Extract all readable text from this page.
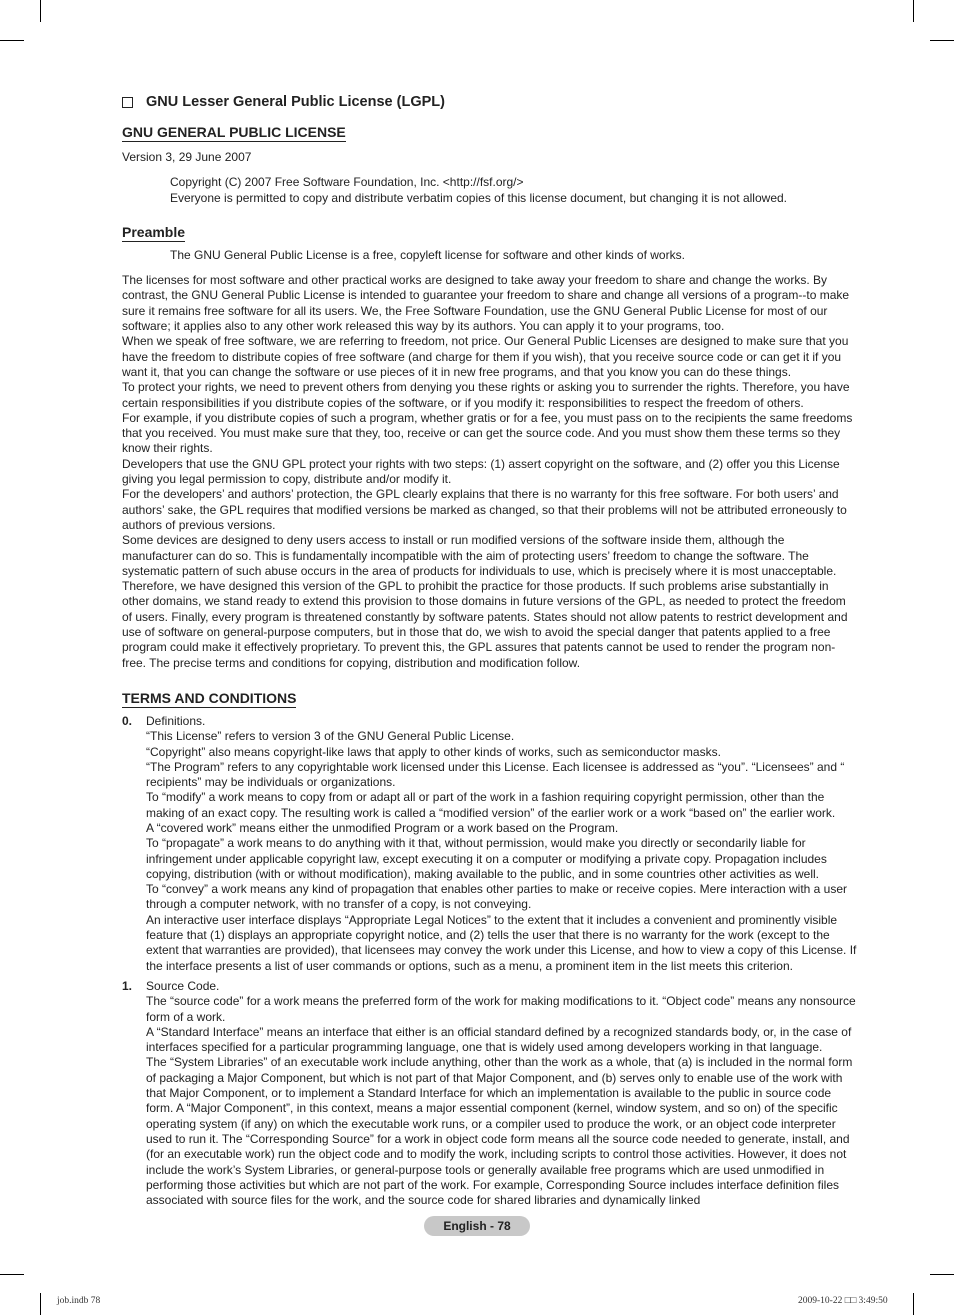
GNU Lesser General Public License (LGPL)
GNU GENERAL PUBLIC LICENSE
Version 3, 29 June 2007
Copyright (C) 2007 Free Software Foundation, Inc. <http://fsf.org/>
Everyone is permitted to copy and distribute verbatim copies of this license document, but changing it is not allowed.
Preamble
The GNU General Public License is a free, copyleft license for software and other kinds of works.

The licenses for most software and other practical works are designed to take away your freedom to share and change the works. By contrast, the GNU General Public License is intended to guarantee your freedom to share and change all versions of a program--to make sure it remains free software for all its users. We, the Free Software Foundation, use the GNU General Public License for most of our software; it applies also to any other work released this way by its authors. You can apply it to your programs, too.

When we speak of free software, we are referring to freedom, not price. Our General Public Licenses are designed to make sure that you have the freedom to distribute copies of free software (and charge for them if you wish), that you receive source code or can get it if you want it, that you can change the software or use pieces of it in new free programs, and that you know you can do these things.

To protect your rights, we need to prevent others from denying you these rights or asking you to surrender the rights. Therefore, you have certain responsibilities if you distribute copies of the software, or if you modify it: responsibilities to respect the freedom of others.

For example, if you distribute copies of such a program, whether gratis or for a fee, you must pass on to the recipients the same freedoms that you received. You must make sure that they, too, receive or can get the source code. And you must show them these terms so they know their rights.

Developers that use the GNU GPL protect your rights with two steps: (1) assert copyright on the software, and (2) offer you this License giving you legal permission to copy, distribute and/or modify it.

For the developers’ and authors’ protection, the GPL clearly explains that there is no warranty for this free software. For both users’ and authors’ sake, the GPL requires that modified versions be marked as changed, so that their problems will not be attributed erroneously to authors of previous versions.

Some devices are designed to deny users access to install or run modified versions of the software inside them, although the manufacturer can do so. This is fundamentally incompatible with the aim of protecting users’ freedom to change the software. The systematic pattern of such abuse occurs in the area of products for individuals to use, which is precisely where it is most unacceptable. Therefore, we have designed this version of the GPL to prohibit the practice for those products. If such problems arise substantially in other domains, we stand ready to extend this provision to those domains in future versions of the GPL, as needed to protect the freedom of users. Finally, every program is threatened constantly by software patents. States should not allow patents to restrict development and use of software on general-purpose computers, but in those that do, we wish to avoid the special danger that patents applied to a free program could make it effectively proprietary. To prevent this, the GPL assures that patents cannot be used to render the program non-free. The precise terms and conditions for copying, distribution and modification follow.

TERMS AND CONDITIONS
0.	Definitions.

“This License” refers to version 3 of the GNU General Public License.

“Copyright” also means copyright-like laws that apply to other kinds of works, such as semiconductor masks.

“The Program” refers to any copyrightable work licensed under this License. Each licensee is addressed as “you”. “Licensees” and “ recipients” may be individuals or organizations.

To “modify” a work means to copy from or adapt all or part of the work in a fashion requiring copyright permission, other than the making of an exact copy. The resulting work is called a “modified version” of the earlier work or a work “based on” the earlier work.

A “covered work” means either the unmodified Program or a work based on the Program.

To “propagate” a work means to do anything with it that, without permission, would make you directly or secondarily liable for infringement under applicable copyright law, except executing it on a computer or modifying a private copy. Propagation includes copying, distribution (with or without modification), making available to the public, and in some countries other activities as well.

To “convey” a work means any kind of propagation that enables other parties to make or receive copies. Mere interaction with a user through a computer network, with no transfer of a copy, is not conveying.

An interactive user interface displays “Appropriate Legal Notices” to the extent that it includes a convenient and prominently visible feature that (1) displays an appropriate copyright notice, and (2) tells the user that there is no warranty for the work (except to the extent that warranties are provided), that licensees may convey the work under this License, and how to view a copy of this License. If the interface presents a list of user commands or options, such as a menu, a prominent item in the list meets this criterion.

1.	Source Code.

The “source code” for a work means the preferred form of the work for making modifications to it. “Object code” means any nonsource form of a work.

A “Standard Interface” means an interface that either is an official standard defined by a recognized standards body, or, in the case of interfaces specified for a particular programming language, one that is widely used among developers working in that language.

The “System Libraries” of an executable work include anything, other than the work as a whole, that (a) is included in the normal form of packaging a Major Component, but which is not part of that Major Component, and (b) serves only to enable use of the work with that Major Component, or to implement a Standard Interface for which an implementation is available to the public in source code form. A “Major Component”, in this context, means a major essential component (kernel, window system, and so on) of the specific operating system (if any) on which the executable work runs, or a compiler used to produce the work, or an object code interpreter used to run it. The “Corresponding Source” for a work in object code form means all the source code needed to generate, install, and (for an executable work) run the object code and to modify the work, including scripts to control those activities. However, it does not include the work’s System Libraries, or general-purpose tools or generally available free programs which are used unmodified in performing those activities but which are not part of the work. For example, Corresponding Source includes interface definition files associated with source files for the work, and the source code for shared libraries and dynamically linked

English - 78
job.indb 78	2009-10-22 □□ 3:49:50
